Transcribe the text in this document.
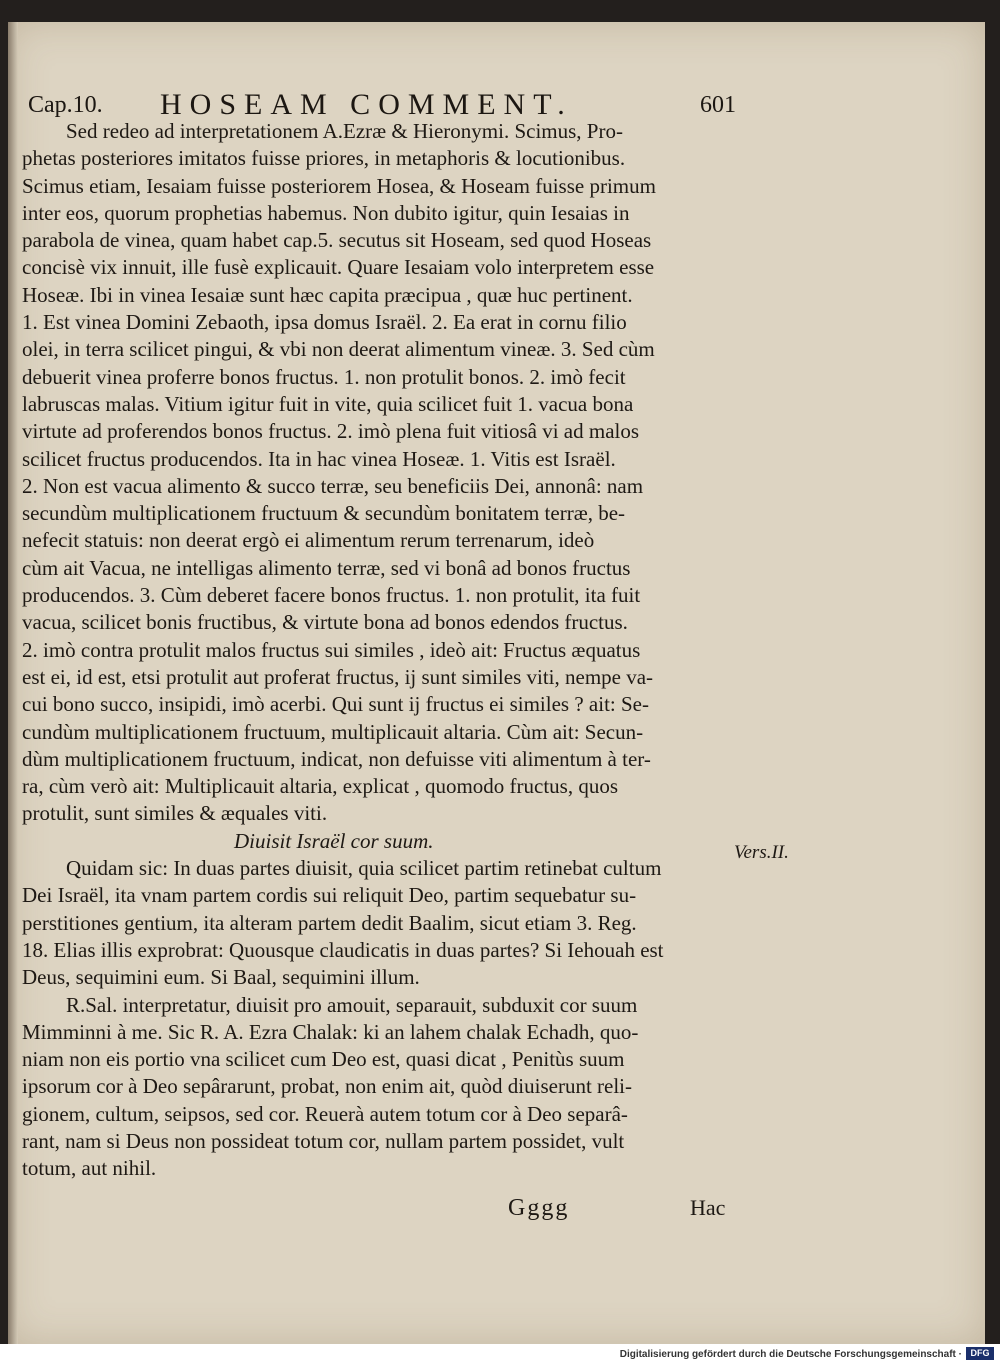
Cap.10. HOSEAM COMMENT.	601
Sed redeo ad interpretationem A.Ezræ & Hieronymi. Scimus, Pro-
phetas posteriores imitatos fuisse priores, in metaphoris & locutionibus.
Scimus etiam, Iesaiam fuisse posteriorem Hosea, & Hoseam fuisse primum
inter eos, quorum prophetias habemus. Non dubito igitur, quin Iesaias in
parabola de vinea, quam habet cap.5. secutus sit Hoseam, sed quod Hoseas
concisè vix innuit, ille fusè explicauit. Quare Iesaiam volo interpretem esse
Hoseæ. Ibi in vinea Iesaiæ sunt hæc capita præcipua , quæ huc pertinent.
1. Est vinea Domini Zebaoth, ipsa domus Israël. 2. Ea erat in cornu filio
olei, in terra scilicet pingui, & vbi non deerat alimentum vineæ. 3. Sed cùm
debuerit vinea proferre bonos fructus. 1. non protulit bonos. 2. imò fecit
labruscas malas. Vitium igitur fuit in vite, quia scilicet fuit 1. vacua bona
virtute ad proferendos bonos fructus. 2. imò plena fuit vitiosâ vi ad malos
scilicet fructus producendos. Ita in hac vinea Hoseæ. 1. Vitis est Israël.
2. Non est vacua alimento & succo terræ, seu beneficiis Dei, annonâ: nam
secundùm multiplicationem fructuum & secundùm bonitatem terræ, be-
nefecit statuis: non deerat ergò ei alimentum rerum terrenarum, ideò
cùm ait Vacua, ne intelligas alimento terræ, sed vi bonâ ad bonos fructus
producendos. 3. Cùm deberet facere bonos fructus. 1. non protulit, ita fuit
vacua, scilicet bonis fructibus, & virtute bona ad bonos edendos fructus.
2. imò contra protulit malos fructus sui similes , ideò ait: Fructus æquatus
est ei, id est, etsi protulit aut proferat fructus, ij sunt similes viti, nempe va-
cui bono succo, insipidi, imò acerbi. Qui sunt ij fructus ei similes ? ait: Se-
cundùm multiplicationem fructuum, multiplicauit altaria. Cùm ait: Secun-
dùm multiplicationem fructuum, indicat, non defuisse viti alimentum à ter-
ra, cùm verò ait: Multiplicauit altaria, explicat , quomodo fructus, quos
protulit, sunt similes & æquales viti.
Diuisit Israël cor suum.
Quidam sic: In duas partes diuisit, quia scilicet partim retinebat cultum
Dei Israël, ita vnam partem cordis sui reliquit Deo, partim sequebatur su-
perstitiones gentium, ita alteram partem dedit Baalim, sicut etiam 3. Reg.
18. Elias illis exprobrat: Quousque claudicatis in duas partes? Si Iehouah est
Deus, sequimini eum. Si Baal, sequimini illum.
R.Sal. interpretatur, diuisit pro amouit, separauit, subduxit cor suum
Mimminni à me. Sic R. A. Ezra Chalak: ki an lahem chalak Echadh, quo-
niam non eis portio vna scilicet cum Deo est, quasi dicat , Penitùs suum
ipsorum cor à Deo sepârarunt, probat, non enim ait, quòd diuiserunt reli-
gionem, cultum, seipsos, sed cor. Reuerà autem totum cor à Deo separâ-
rant, nam si Deus non possideat totum cor, nullam partem possidet, vult
totum, aut nihil.
Vers.II.
Gggg	Hac
Digitalisierung gefördert durch die Deutsche Forschungsgemeinschaft · DFG
